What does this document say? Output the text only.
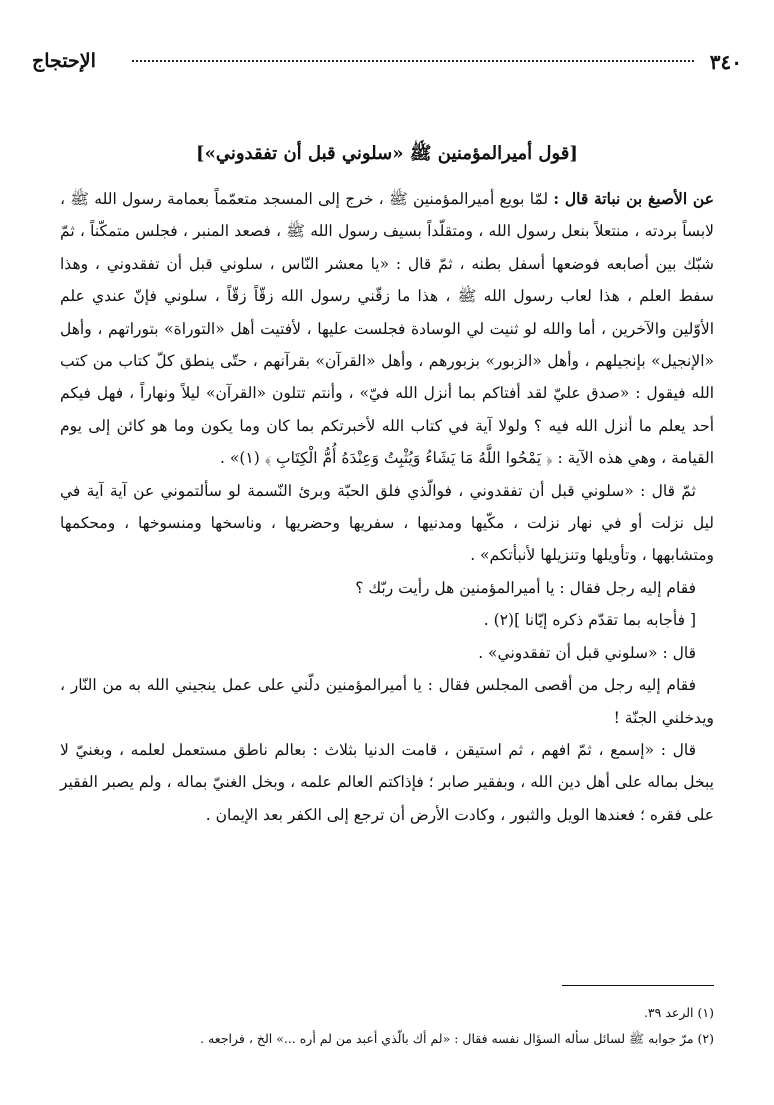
٣٤٠
الإحتجاج
[قول أميرالمؤمنين ﷺ «سلوني قبل أن تفقدوني»]

عن الأصبغ بن نباتة قال : لمّا بويع أميرالمؤمنين ﷺ ، خرج إلى المسجد متعمّماً بعمامة رسول الله ﷺ ، لابساً بردته ، منتعلاً بنعل رسول الله ، ومتقلّداً بسيف رسول الله ﷺ ، فصعد المنبر ، فجلس متمكّناً ، ثمّ شبّك بين أصابعه فوضعها أسفل بطنه ، ثمّ قال : «يا معشر النّاس ، سلوني قبل أن تفقدوني ، وهذا سفط العلم ، هذا لعاب رسول الله ﷺ ، هذا ما زقّني رسول الله زقّاً زقّاً ، سلوني فإنّ عندي علم الأوّلين والآخرين ، أما والله لو ثنيت لي الوسادة فجلست عليها ، لأفتيت أهل «التوراة» بتوراتهم ، وأهل «الإنجيل» بإنجيلهم ، وأهل «الزبور» بزبورهم ، وأهل «القرآن» بقرآنهم ، حتّى ينطق كلّ كتاب من كتب الله فيقول : «صدق عليّ لقد أفتاكم بما أنزل الله فيّ» ، وأنتم تتلون «القرآن» ليلاً ونهاراً ، فهل فيكم أحد يعلم ما أنزل الله فيه ؟ ولولا آية في كتاب الله لأخبرتكم بما كان وما يكون وما هو كائن إلى يوم القيامة ، وهي هذه الآية : ﴿ يَمْحُوا اللَّهُ مَا يَشَاءُ وَيُثْبِتُ وَعِنْدَهُ أُمُّ الْكِتَابِ ﴾ (١)» .

ثمّ قال : «سلوني قبل أن تفقدوني ، فوالّذي فلق الحبّة وبرئ النّسمة لو سألتموني عن آية آية في ليل نزلت أو في نهار نزلت ، مكّيها ومدنيها ، سفريها وحضريها ، وناسخها ومنسوخها ، ومحكمها ومتشابهها ، وتأويلها وتنزيلها لأنبأتكم» .

فقام إليه رجل فقال : يا أميرالمؤمنين هل رأيت ربّك ؟

[ فأجابه بما تقدّم ذكره إيّانا ](٢) .

قال : «سلوني قبل أن تفقدوني» .

فقام إليه رجل من أقصى المجلس فقال : يا أميرالمؤمنين دلّني على عمل ينجيني الله به من النّار ، ويدخلني الجنّة !

قال : «إسمع ، ثمّ افهم ، ثم استيقن ، قامت الدنيا بثلاث : بعالم ناطق مستعمل لعلمه ، وبغنيّ لا يبخل بماله على أهل دين الله ، وبفقير صابر ؛ فإذاكتم العالم علمه ، وبخل الغنيّ بماله ، ولم يصبر الفقير على فقره ؛ فعندها الويل والثبور ، وكادت الأرض أن ترجع إلى الكفر بعد الإيمان .

(١) الرعد ٣٩.
(٢) مرّ جوابه ﷺ لسائل سأله السؤال نفسه فقال : «لم أك بالّذي أعبد من لم أره ...» الخ ، فراجعه .
